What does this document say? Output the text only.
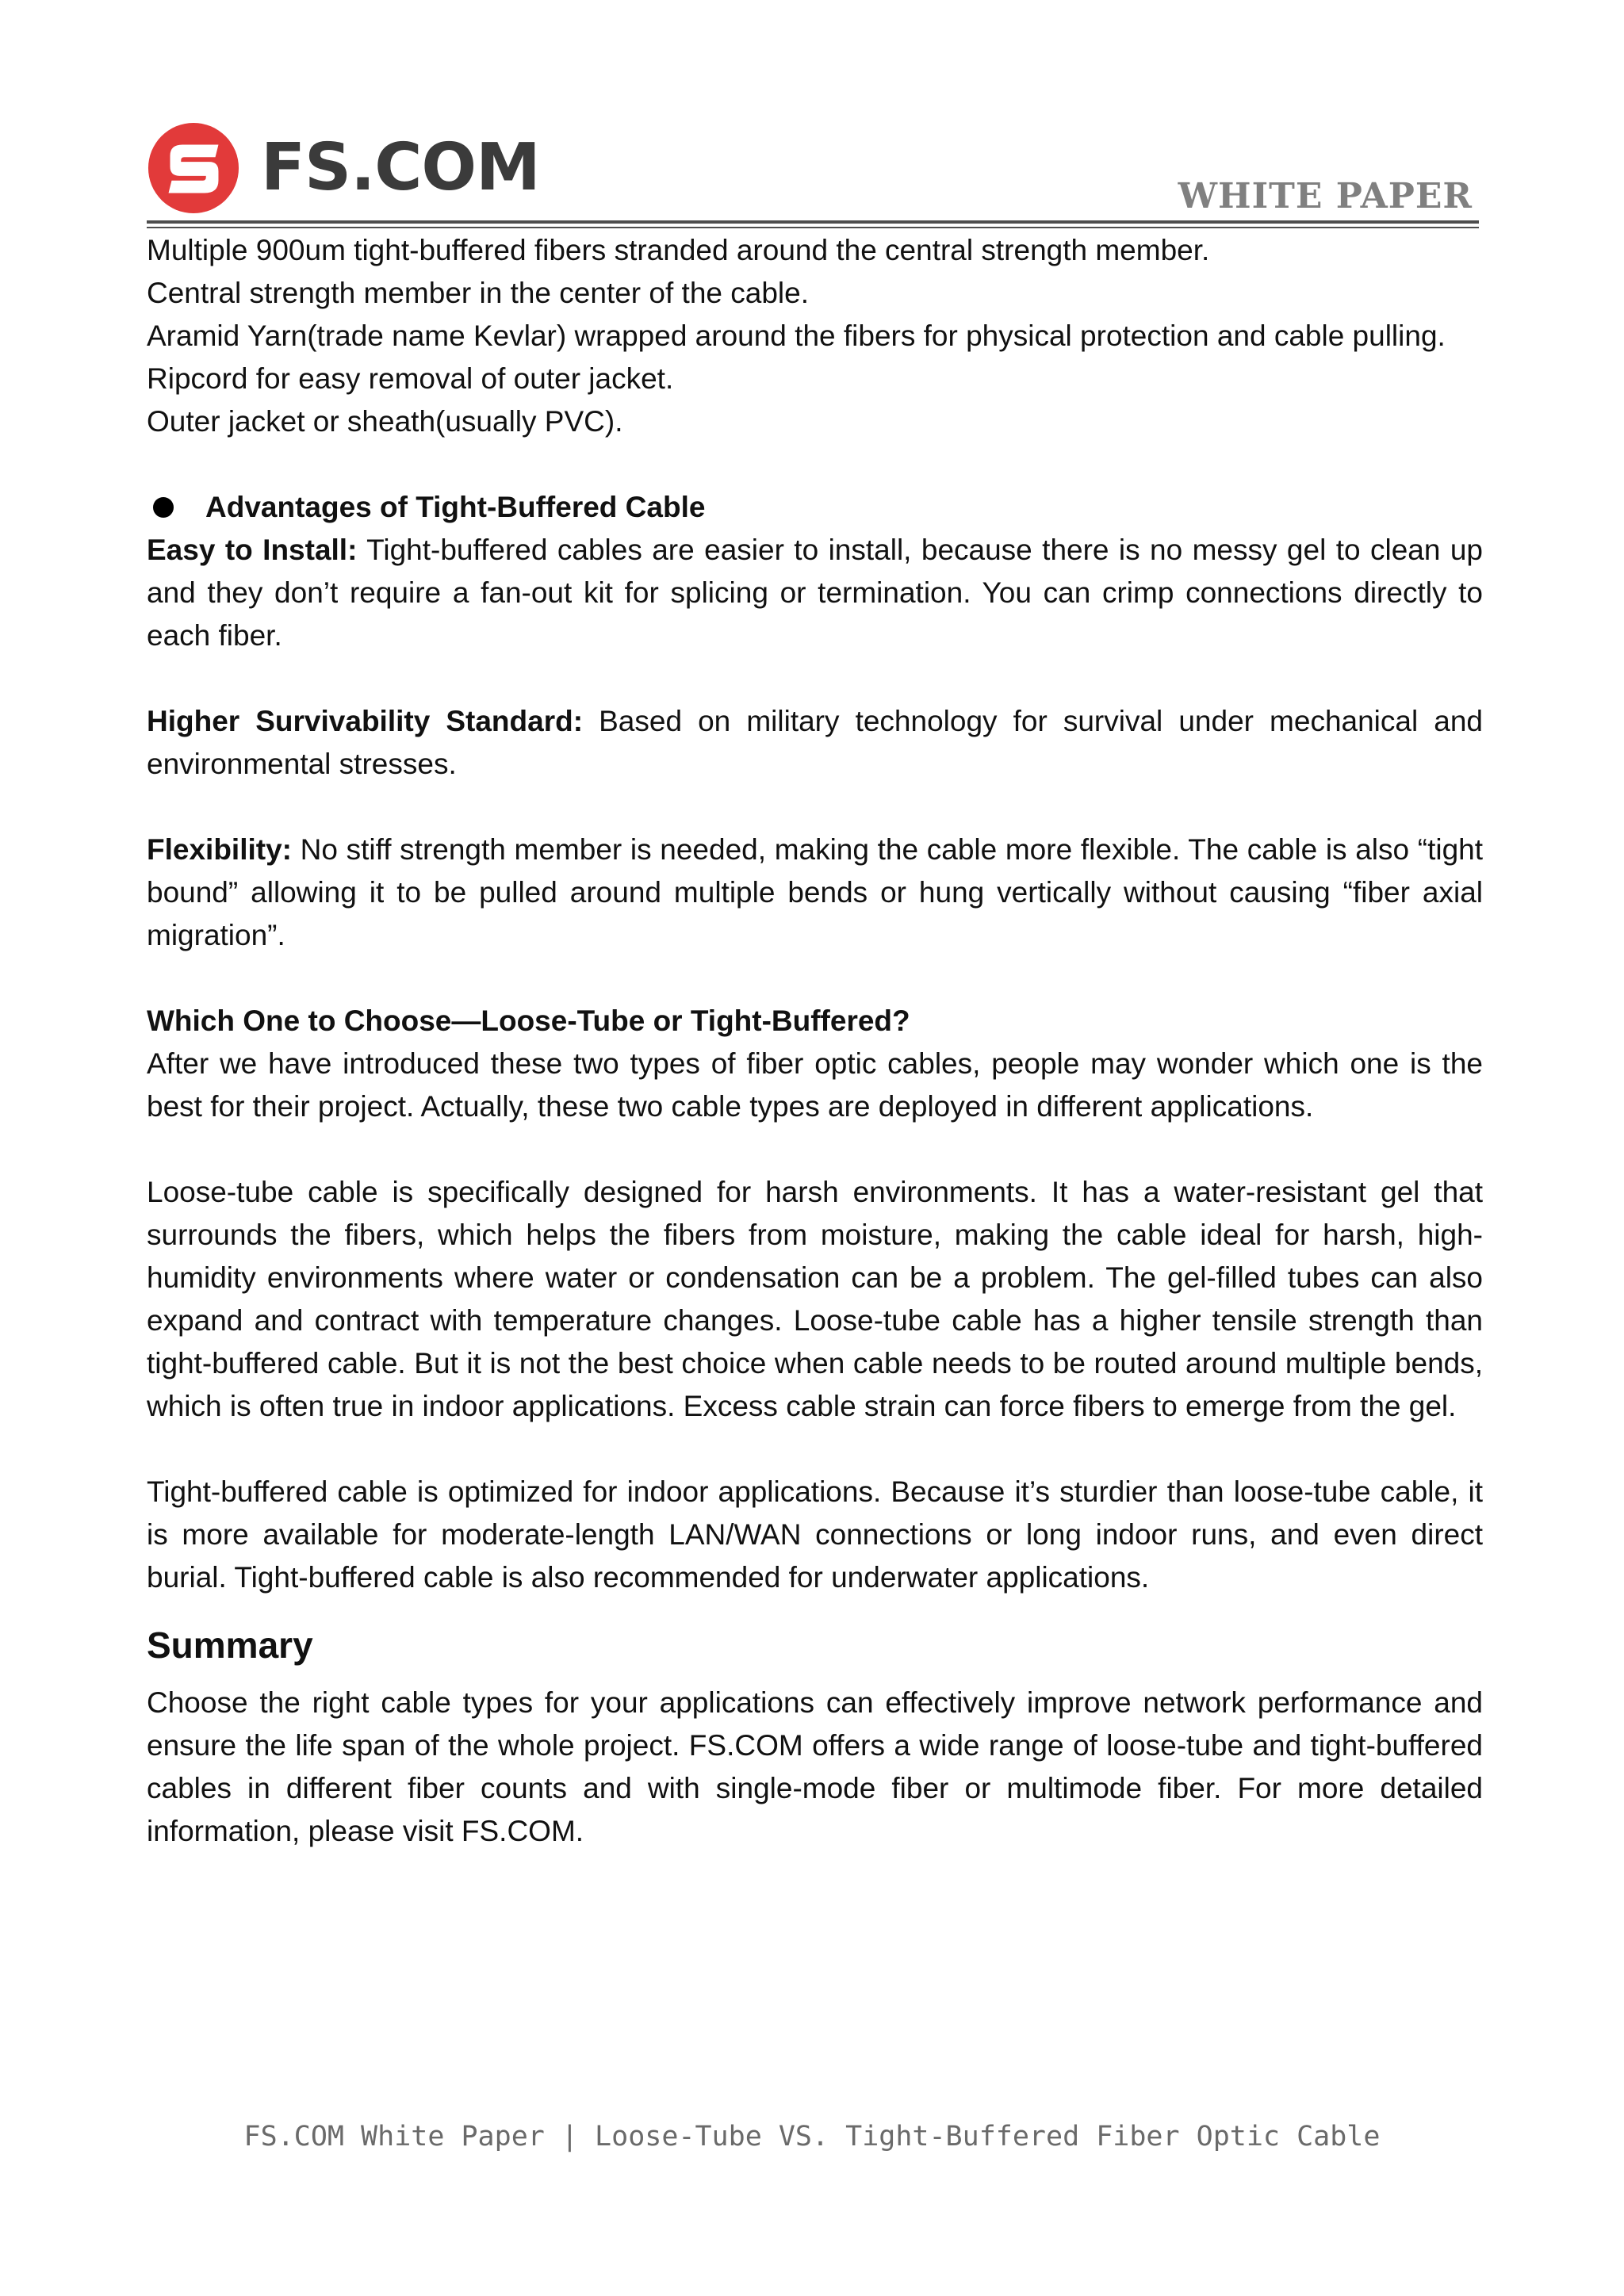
FS.COM	WHITE PAPER

Multiple 900um tight-buffered fibers stranded around the central strength member.

Central strength member in the center of the cable.

Aramid Yarn(trade name Kevlar) wrapped around the fibers for physical protection and cable pulling.

Ripcord for easy removal of outer jacket.

Outer jacket or sheath(usually PVC).

Advantages of Tight-Buffered Cable

Easy to Install: Tight-buffered cables are easier to install, because there is no messy gel to clean up and they don’t require a fan-out kit for splicing or termination. You can crimp connections directly to each fiber.

Higher Survivability Standard: Based on military technology for survival under mechanical and environmental stresses.

Flexibility: No stiff strength member is needed, making the cable more flexible. The cable is also “tight bound” allowing it to be pulled around multiple bends or hung vertically without causing “fiber axial migration”.

Which One to Choose—Loose-Tube or Tight-Buffered?

After we have introduced these two types of fiber optic cables, people may wonder which one is the best for their project. Actually, these two cable types are deployed in different applications.

Loose-tube cable is specifically designed for harsh environments. It has a water-resistant gel that surrounds the fibers, which helps the fibers from moisture, making the cable ideal for harsh, high-humidity environments where water or condensation can be a problem. The gel-filled tubes can also expand and contract with temperature changes. Loose-tube cable has a higher tensile strength than tight-buffered cable. But it is not the best choice when cable needs to be routed around multiple bends, which is often true in indoor applications. Excess cable strain can force fibers to emerge from the gel.

Tight-buffered cable is optimized for indoor applications. Because it’s sturdier than loose-tube cable, it is more available for moderate-length LAN/WAN connections or long indoor runs, and even direct burial. Tight-buffered cable is also recommended for underwater applications.

Summary

Choose the right cable types for your applications can effectively improve network performance and ensure the life span of the whole project. FS.COM offers a wide range of loose-tube and tight-buffered cables in different fiber counts and with single-mode fiber or multimode fiber. For more detailed information, please visit FS.COM.

FS.COM White Paper | Loose-Tube VS. Tight-Buffered Fiber Optic Cable
